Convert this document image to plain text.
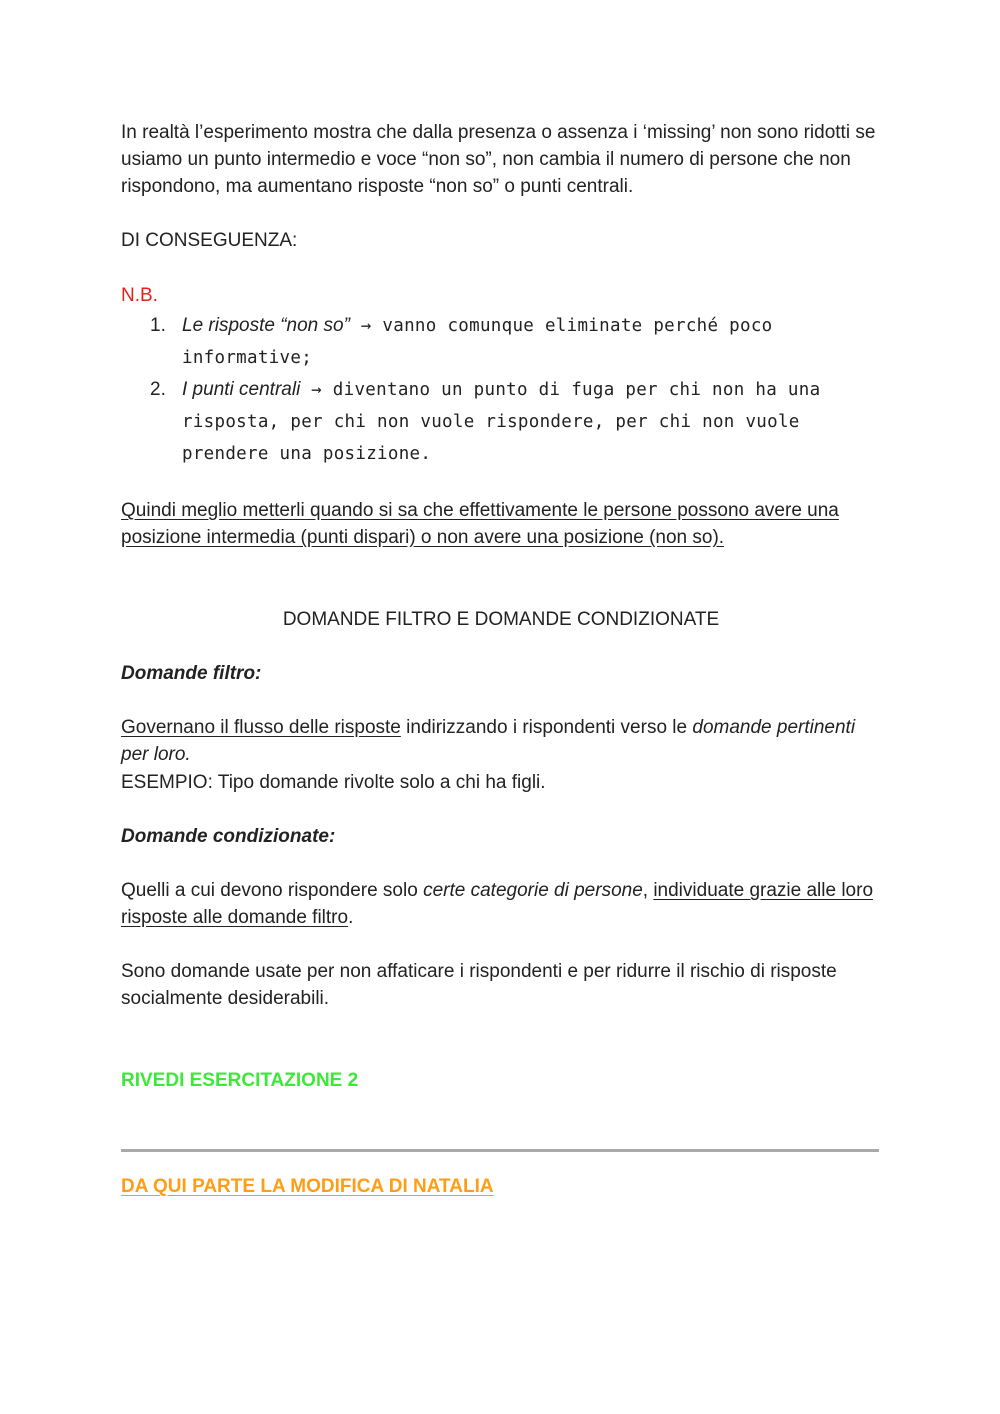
In realtà l’esperimento mostra che dalla presenza o assenza i ‘missing’ non sono ridotti se usiamo un punto intermedio e voce “non so”, non cambia il numero di persone che non rispondono, ma aumentano risposte “non so” o punti centrali.

DI CONSEGUENZA:

N.B.

1. Le risposte “non so” → vanno comunque eliminate perché poco informative;
2. I punti centrali → diventano un punto di fuga per chi non ha una risposta, per chi non vuole rispondere, per chi non vuole prendere una posizione.

Quindi meglio metterli quando si sa che effettivamente le persone possono avere una posizione intermedia (punti dispari) o non avere una posizione (non so).

DOMANDE FILTRO E DOMANDE CONDIZIONATE

Domande filtro:

Governano il flusso delle risposte indirizzando i rispondenti verso le domande pertinenti per loro.

ESEMPIO: Tipo domande rivolte solo a chi ha figli.

Domande condizionate:

Quelli a cui devono rispondere solo certe categorie di persone, individuate grazie alle loro risposte alle domande filtro.

Sono domande usate per non affaticare i rispondenti e per ridurre il rischio di risposte socialmente desiderabili.

RIVEDI ESERCITAZIONE 2

DA QUI PARTE LA MODIFICA DI NATALIA
